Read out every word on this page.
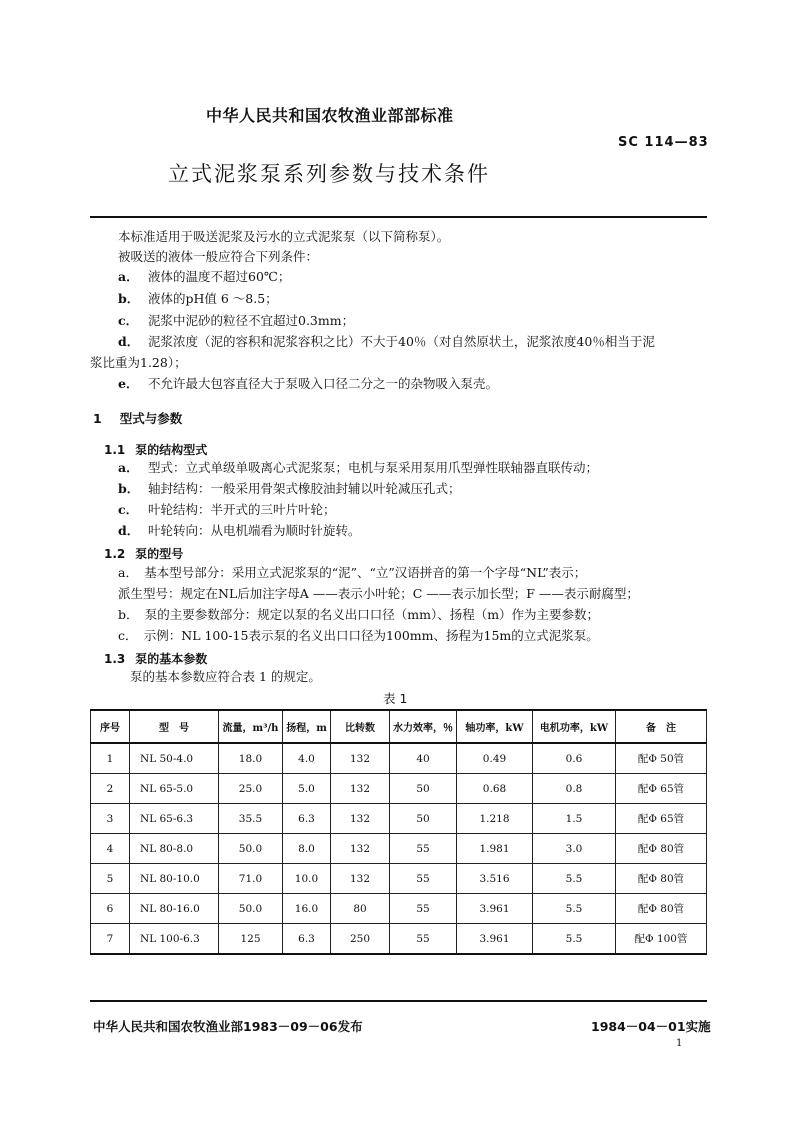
中华人民共和国农牧渔业部部标准
SC 114—83
立式泥浆泵系列参数与技术条件
本标准适用于吸送泥浆及污水的立式泥浆泵（以下简称泵）。
被吸送的液体一般应符合下列条件：
a． 液体的温度不超过60℃；
b． 液体的pH值 6 ～8.5；
c． 泥浆中泥砂的粒径不宜超过0.3mm；
d． 泥浆浓度（泥的容积和泥浆容积之比）不大于40％（对自然原状土，泥浆浓度40％相当于泥
浆比重为1.28）；
e． 不允许最大包容直径大于泵吸入口径二分之一的杂物吸入泵壳。
1 型式与参数
1.1 泵的结构型式
a． 型式：立式单级单吸离心式泥浆泵；电机与泵采用泵用爪型弹性联轴器直联传动；
b． 轴封结构：一般采用骨架式橡胶油封辅以叶轮减压孔式；
c． 叶轮结构：半开式的三叶片叶轮；
d． 叶轮转向：从电机端看为顺时针旋转。
1.2 泵的型号
a．　基本型号部分：采用立式泥浆泵的“泥”、“立”汉语拼音的第一个字母“NL”表示；
派生型号：规定在NL后加注字母A ——表示小叶轮；C ——表示加长型；F ——表示耐腐型；
b．　泵的主要参数部分：规定以泵的名义出口口径（mm）、扬程（m）作为主要参数；
c．　示例：NL 100-15表示泵的名义出口口径为100mm、扬程为15m的立式泥浆泵。
1.3 泵的基本参数
泵的基本参数应符合表 1 的规定。
表 1
序号	型　号	流量，m³/h	扬程，m	比转数	水力效率，％	轴功率，kW	电机功率，kW	备　注
1	NL 50-4.0	18.0	4.0	132	40	0.49	0.6	配Φ 50管
2	NL 65-5.0	25.0	5.0	132	50	0.68	0.8	配Φ 65管
3	NL 65-6.3	35.5	6.3	132	50	1.218	1.5	配Φ 65管
4	NL 80-8.0	50.0	8.0	132	55	1.981	3.0	配Φ 80管
5	NL 80-10.0	71.0	10.0	132	55	3.516	5.5	配Φ 80管
6	NL 80-16.0	50.0	16.0	80	55	3.961	5.5	配Φ 80管
7	NL 100-6.3	125	6.3	250	55	3.961	5.5	配Φ 100管
中华人民共和国农牧渔业部1983－09－06发布	1984－04－01实施
1
